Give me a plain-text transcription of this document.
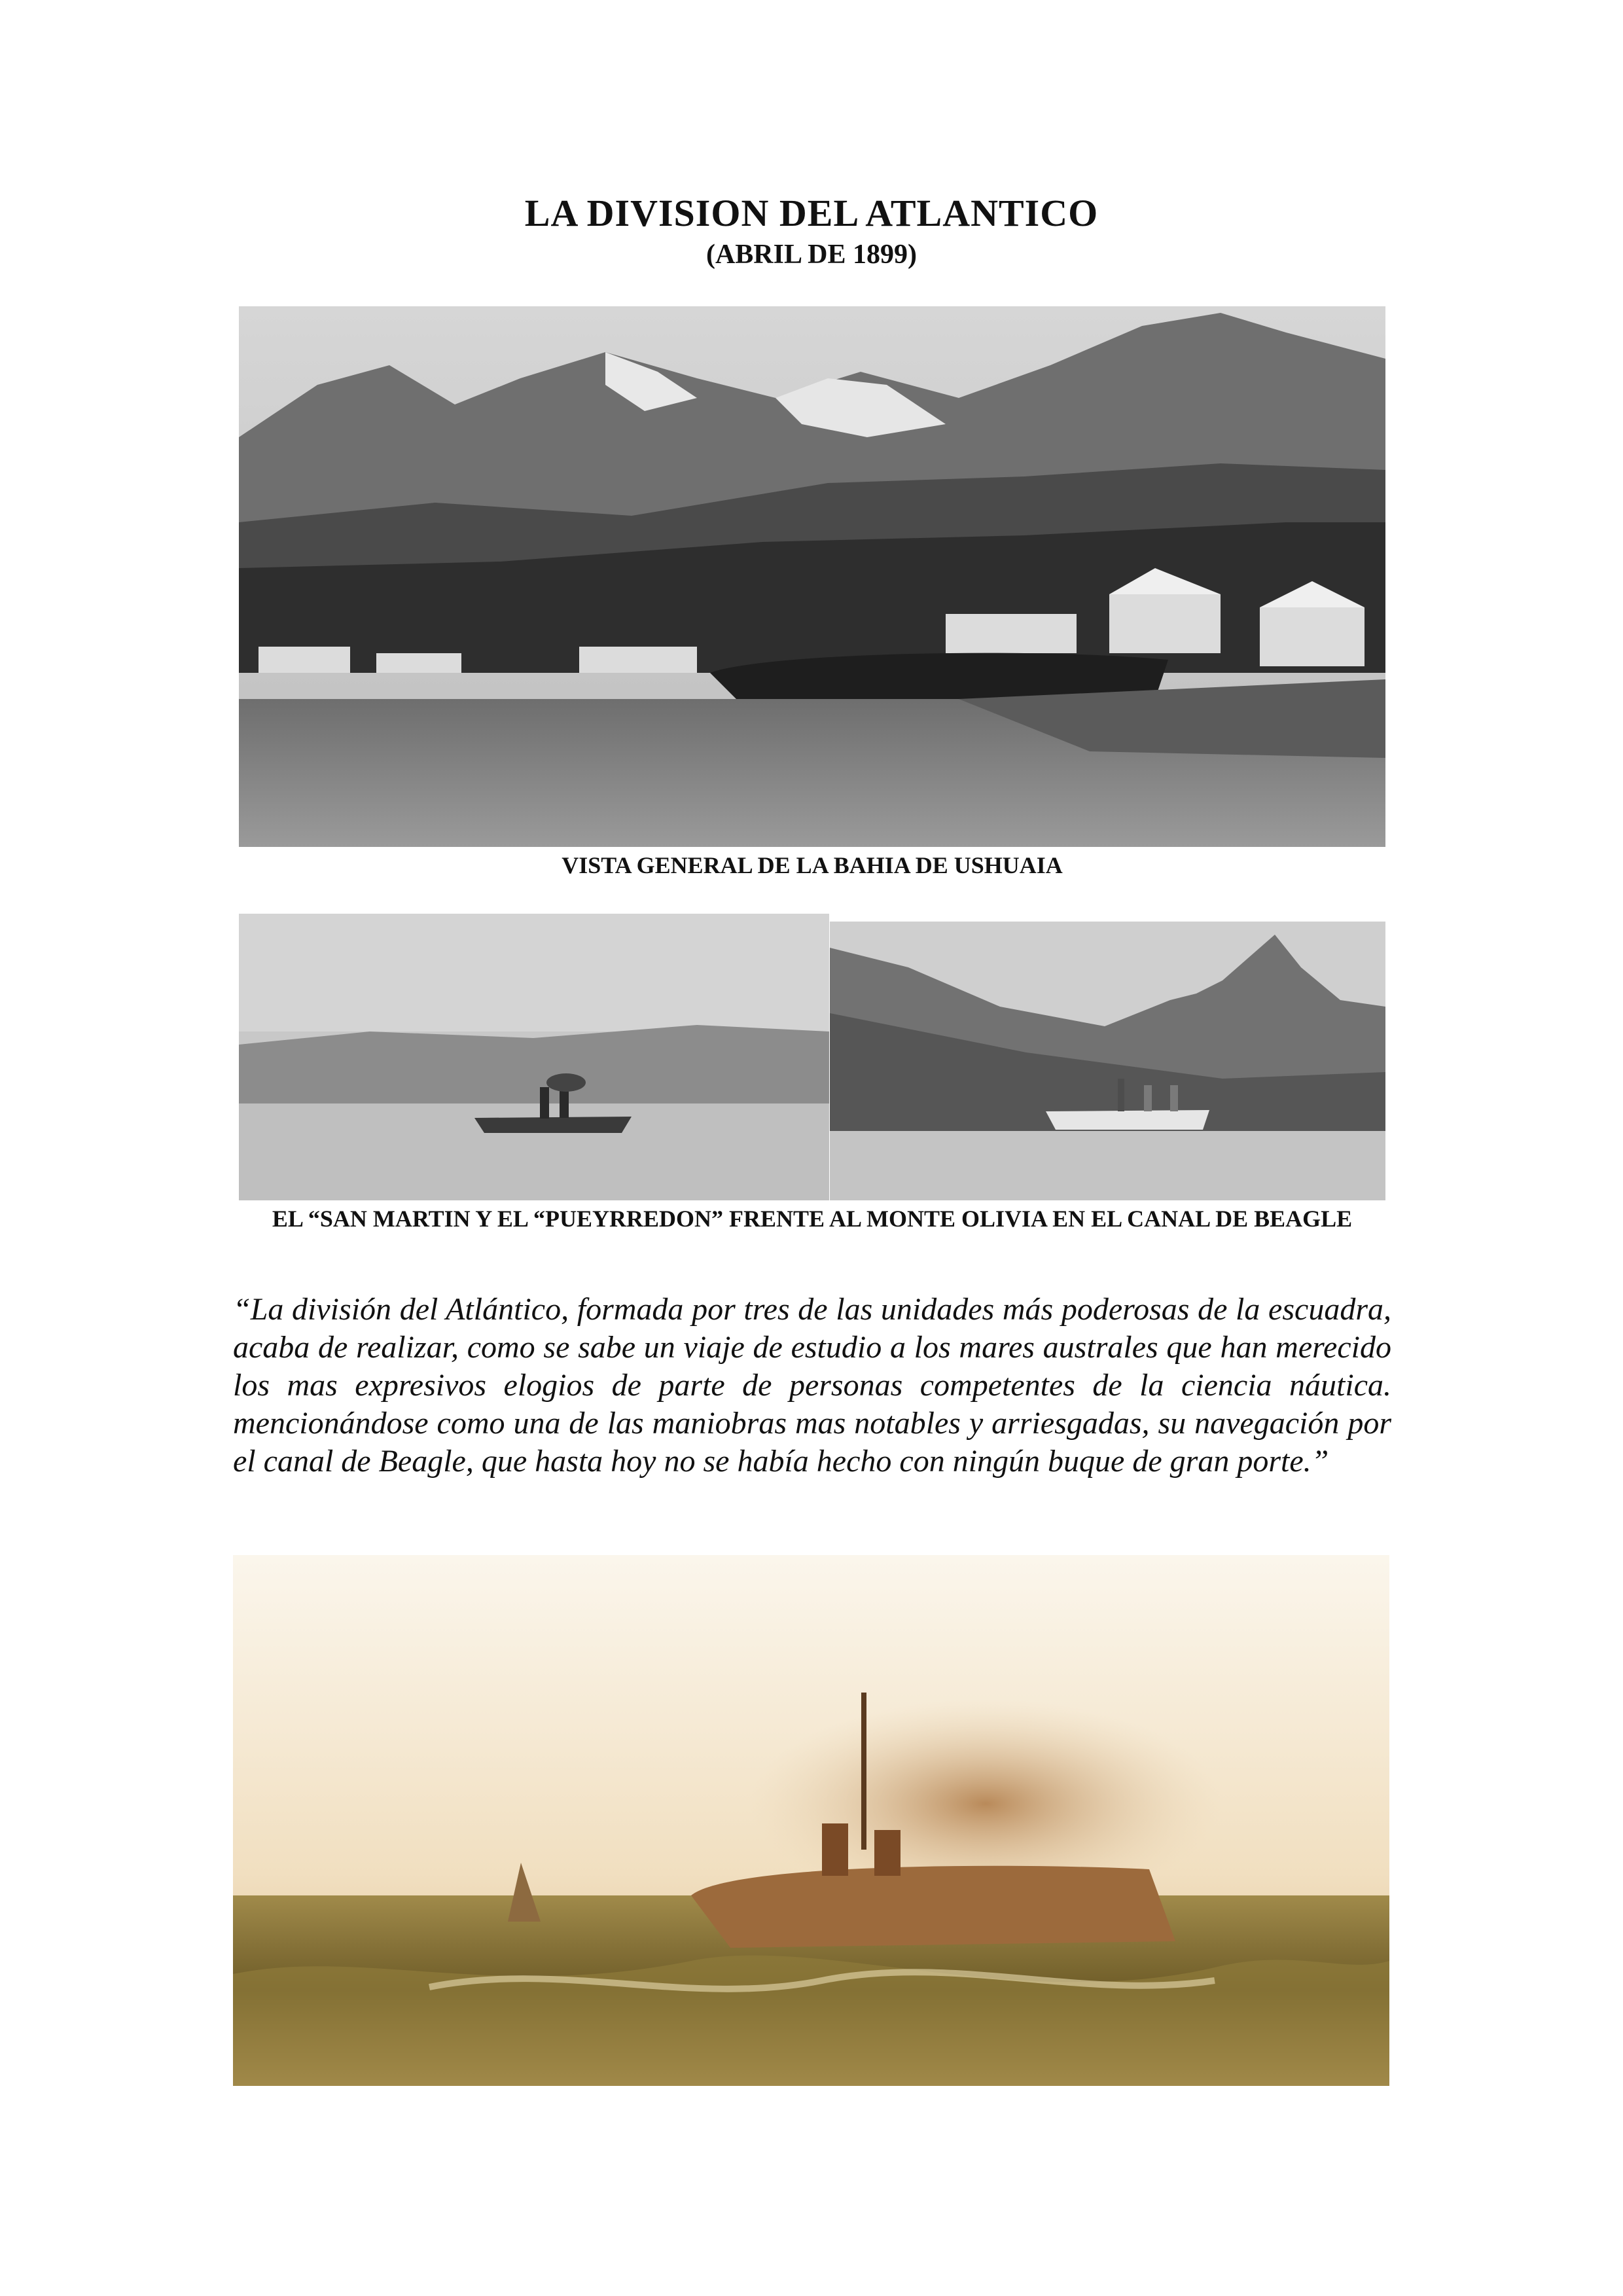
LA DIVISION DEL ATLANTICO
(ABRIL DE 1899)
VISTA GENERAL DE LA BAHIA DE USHUAIA
EL “SAN MARTIN Y EL “PUEYRREDON” FRENTE AL MONTE OLIVIA EN EL CANAL DE BEAGLE

“La división del Atlántico, formada por tres de las unidades más poderosas de la escuadra, acaba de realizar, como se sabe un viaje de estudio a los mares australes que han merecido los mas expresivos elogios de parte de personas competentes de la ciencia náutica. mencionándose como una de las maniobras mas notables y arriesgadas, su navegación por el canal de Beagle, que hasta hoy no se había hecho con ningún buque de gran porte.”
